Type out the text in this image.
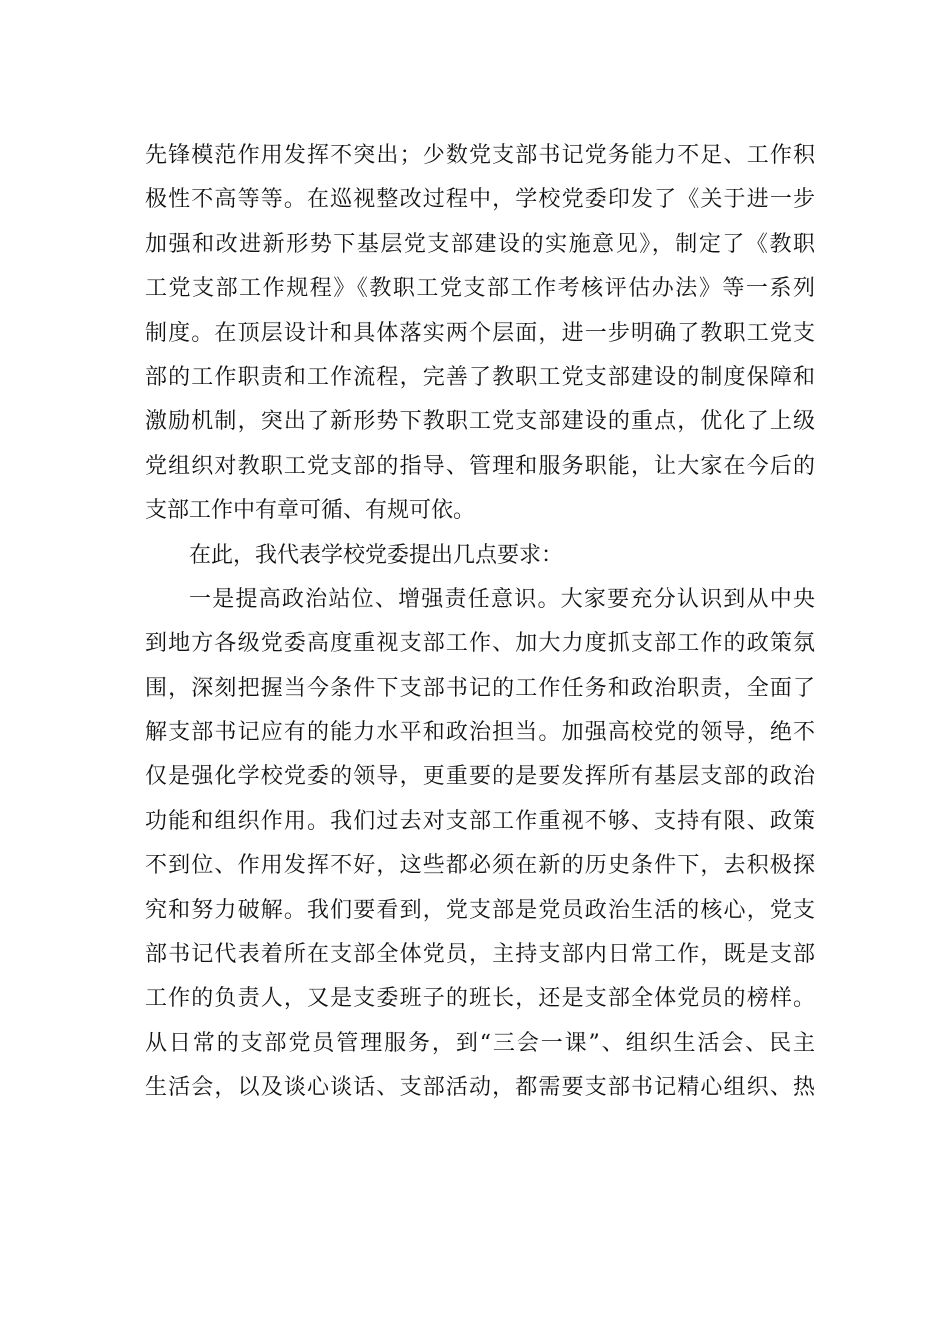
先锋模范作用发挥不突出；少数党支部书记党务能力不足、工作积
极性不高等等。在巡视整改过程中，学校党委印发了《关于进一步
加强和改进新形势下基层党支部建设的实施意见》，制定了《教职
工党支部工作规程》《教职工党支部工作考核评估办法》等一系列
制度。在顶层设计和具体落实两个层面，进一步明确了教职工党支
部的工作职责和工作流程，完善了教职工党支部建设的制度保障和
激励机制，突出了新形势下教职工党支部建设的重点，优化了上级
党组织对教职工党支部的指导、管理和服务职能，让大家在今后的
支部工作中有章可循、有规可依。
在此，我代表学校党委提出几点要求：
一是提高政治站位、增强责任意识。大家要充分认识到从中央
到地方各级党委高度重视支部工作、加大力度抓支部工作的政策氛
围，深刻把握当今条件下支部书记的工作任务和政治职责，全面了
解支部书记应有的能力水平和政治担当。加强高校党的领导，绝不
仅是强化学校党委的领导，更重要的是要发挥所有基层支部的政治
功能和组织作用。我们过去对支部工作重视不够、支持有限、政策
不到位、作用发挥不好，这些都必须在新的历史条件下，去积极探
究和努力破解。我们要看到，党支部是党员政治生活的核心，党支
部书记代表着所在支部全体党员，主持支部内日常工作，既是支部
工作的负责人，又是支委班子的班长，还是支部全体党员的榜样。
从日常的支部党员管理服务，到“三会一课”、组织生活会、民主
生活会，以及谈心谈话、支部活动，都需要支部书记精心组织、热
